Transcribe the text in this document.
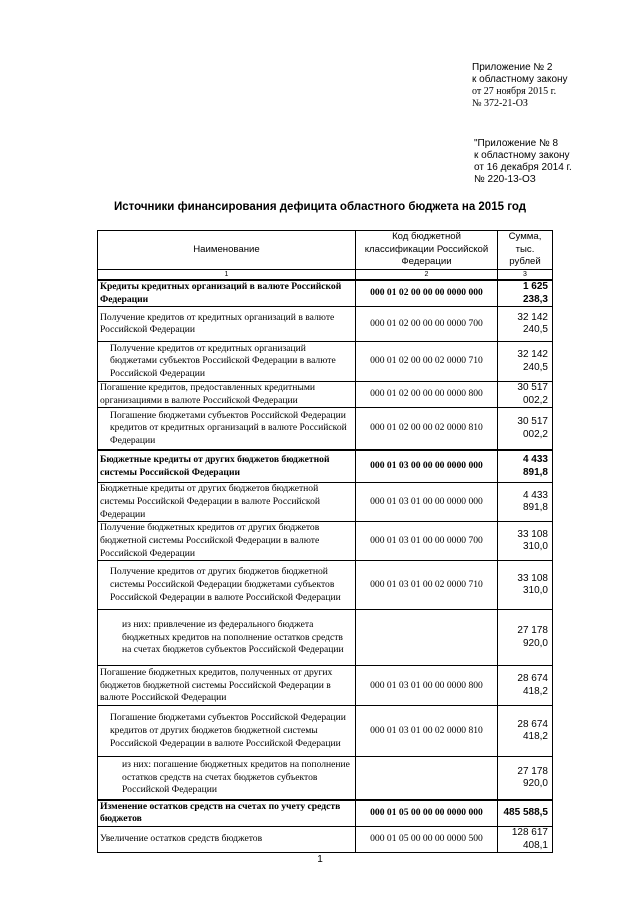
Приложение № 2
к областному закону
от 27 ноября 2015 г.
№ 372-21-ОЗ
"Приложение № 8
к областному закону
от 16 декабря 2014 г.
№ 220-13-ОЗ
Источники финансирования дефицита областного бюджета на 2015 год
Наименование	Код бюджетной классификации Российской Федерации	Сумма, тыс. рублей
1	2	3
Кредиты кредитных организаций в валюте Российской Федерации	000 01 02 00 00 00 0000 000	1 625 238,3
Получение кредитов от кредитных организаций в валюте Российской Федерации	000 01 02 00 00 00 0000 700	32 142 240,5
Получение кредитов от кредитных организаций бюджетами субъектов Российской Федерации в валюте Российской Федерации	000 01 02 00 00 02 0000 710	32 142 240,5
Погашение кредитов, предоставленных кредитными организациями в валюте Российской Федерации	000 01 02 00 00 00 0000 800	30 517 002,2
Погашение бюджетами субъектов Российской Федерации кредитов от кредитных организаций в валюте Российской Федерации	000 01 02 00 00 02 0000 810	30 517 002,2
Бюджетные кредиты от других бюджетов бюджетной системы Российской Федерации	000 01 03 00 00 00 0000 000	4 433 891,8
Бюджетные кредиты от других бюджетов бюджетной системы Российской Федерации в валюте Российской Федерации	000 01 03 01 00 00 0000 000	4 433 891,8
Получение бюджетных кредитов от других бюджетов бюджетной системы Российской Федерации в валюте Российской Федерации	000 01 03 01 00 00 0000 700	33 108 310,0
Получение кредитов от других бюджетов бюджетной системы Российской Федерации бюджетами субъектов Российской Федерации в валюте Российской Федерации	000 01 03 01 00 02 0000 710	33 108 310,0
из них: привлечение из федерального бюджета бюджетных кредитов на пополнение остатков средств на счетах бюджетов субъектов Российской Федерации		27 178 920,0
Погашение бюджетных кредитов, полученных от других бюджетов бюджетной системы Российской Федерации в валюте Российской Федерации	000 01 03 01 00 00 0000 800	28 674 418,2
Погашение бюджетами субъектов Российской Федерации кредитов от других бюджетов бюджетной системы Российской Федерации в валюте Российской Федерации	000 01 03 01 00 02 0000 810	28 674 418,2
из них: погашение бюджетных кредитов на пополнение остатков средств на счетах бюджетов субъектов Российской Федерации		27 178 920,0
Изменение остатков средств на счетах по учету средств бюджетов	000 01 05 00 00 00 0000 000	485 588,5
Увеличение остатков средств бюджетов	000 01 05 00 00 00 0000 500	128 617 408,1
1
